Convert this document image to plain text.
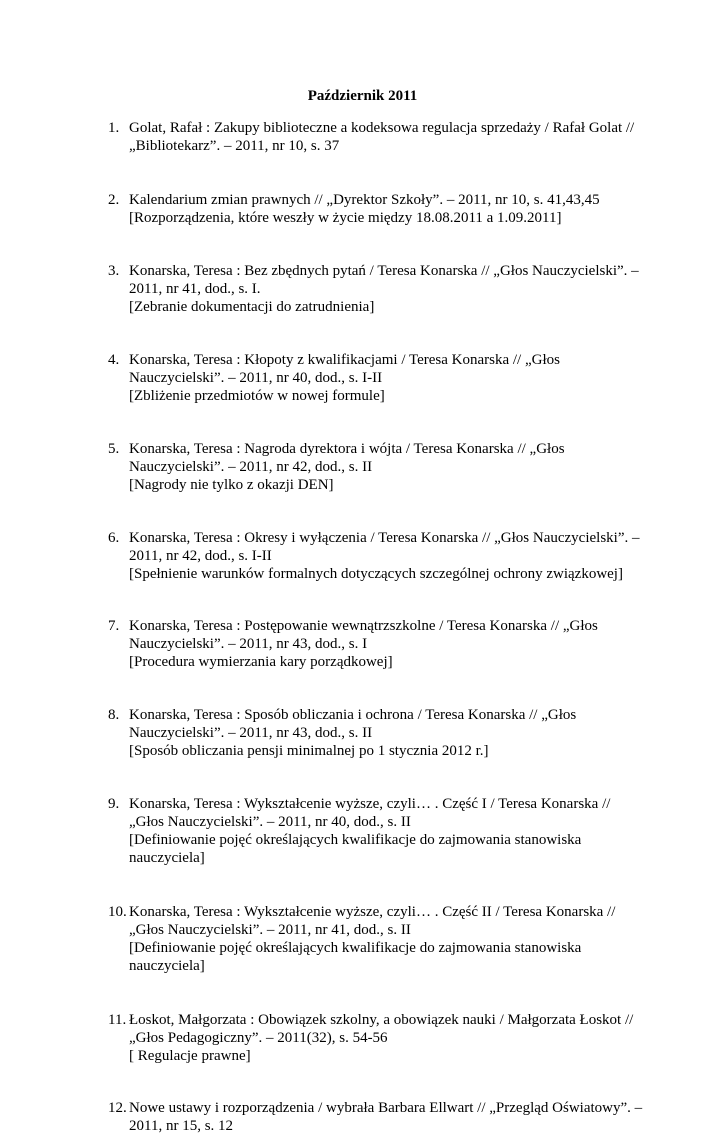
Październik 2011
1. Golat, Rafał : Zakupy biblioteczne a kodeksowa regulacja sprzedaży / Rafał Golat //
„Bibliotekarz”. – 2011, nr 10, s. 37
2. Kalendarium zmian prawnych // „Dyrektor Szkoły”. – 2011, nr 10, s. 41,43,45
[Rozporządzenia, które weszły w życie między 18.08.2011 a 1.09.2011]
3. Konarska, Teresa : Bez zbędnych pytań / Teresa Konarska // „Głos Nauczycielski”. –
2011, nr 41, dod., s. I.
[Zebranie dokumentacji do zatrudnienia]
4. Konarska, Teresa : Kłopoty z kwalifikacjami / Teresa Konarska // „Głos
Nauczycielski”. – 2011, nr 40, dod., s. I-II
[Zbliżenie przedmiotów w nowej formule]
5. Konarska, Teresa : Nagroda dyrektora i wójta / Teresa Konarska // „Głos
Nauczycielski”. – 2011, nr 42, dod., s. II
[Nagrody nie tylko z okazji DEN]
6. Konarska, Teresa : Okresy i wyłączenia / Teresa Konarska // „Głos Nauczycielski”. –
2011, nr 42, dod., s. I-II
[Spełnienie warunków formalnych dotyczących szczególnej ochrony związkowej]
7. Konarska, Teresa : Postępowanie wewnątrzszkolne / Teresa Konarska // „Głos
Nauczycielski”. – 2011, nr 43, dod., s. I
[Procedura wymierzania kary porządkowej]
8. Konarska, Teresa : Sposób obliczania i ochrona / Teresa Konarska // „Głos
Nauczycielski”. – 2011, nr 43, dod., s. II
[Sposób obliczania pensji minimalnej po 1 stycznia 2012 r.]
9. Konarska, Teresa : Wykształcenie wyższe, czyli… . Część I / Teresa Konarska //
„Głos Nauczycielski”. – 2011, nr 40, dod., s. II
[Definiowanie pojęć określających kwalifikacje do zajmowania stanowiska
nauczyciela]
10. Konarska, Teresa : Wykształcenie wyższe, czyli… . Część II / Teresa Konarska //
„Głos Nauczycielski”. – 2011, nr 41, dod., s. II
[Definiowanie pojęć określających kwalifikacje do zajmowania stanowiska
nauczyciela]
11. Łoskot, Małgorzata : Obowiązek szkolny, a obowiązek nauki / Małgorzata Łoskot //
„Głos Pedagogiczny”. – 2011(32), s. 54-56
[ Regulacje prawne]
12. Nowe ustawy i rozporządzenia / wybrała Barbara Ellwart // „Przegląd Oświatowy”. –
2011, nr 15, s. 12
